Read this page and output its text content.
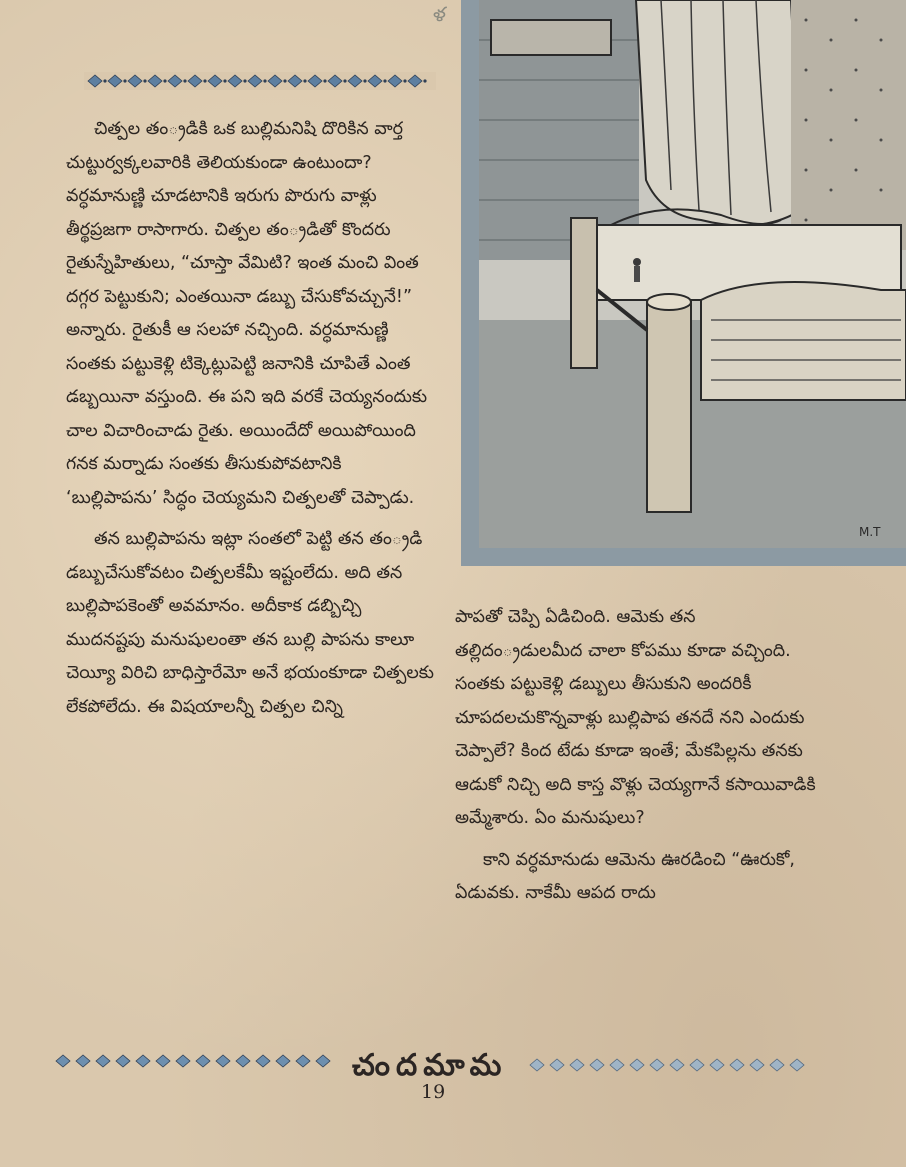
ళ
M.T

చిత్పల తం్రడికి ఒక బుల్లిమనిషి దొరికిన వార్త చుట్టుర్వక్కలవారికి తెలియకుండా ఉంటుందా? వర్ధమానుణ్ణి చూడటానికి ఇరుగు పొరుగు వాళ్లు తీర్థప్రజగా రాసాగారు. చిత్పల తం్రడితో కొందరు రైతుస్నేహితులు, “చూస్తా వేమిటి? ఇంత మంచి వింత దగ్గర పెట్టుకుని; ఎంతయినా డబ్బు చేసుకోవచ్చునే!” అన్నారు. రైతుకీ ఆ సలహా నచ్చింది. వర్ధమానుణ్ణి సంతకు పట్టుకెళ్లి టిక్కెట్లుపెట్టి జనానికి చూపితే ఎంత డబ్బయినా వస్తుంది. ఈ పని ఇది వరకే చెయ్యనందుకు చాల విచారించాడు రైతు. అయిందేదో అయిపోయింది గనక మర్నాడు సంతకు తీసుకుపోవటానికి ‘బుల్లిపాపను’ సిద్ధం చెయ్యమని చిత్పలతో చెప్పాడు.

తన బుల్లిపాపను ఇట్లా సంతలో పెట్టి తన తం్రడి డబ్బుచేసుకోవటం చిత్పలకేమీ ఇష్టంలేదు. అది తన బుల్లిపాపకెంతో అవమానం. అదీకాక డబ్బిచ్చి ముదనష్టపు మనుషులంతా తన బుల్లి పాపను కాలూ చెయ్యీ విరిచి బాధిస్తారేమో అనే భయంకూడా చిత్పలకు లేకపోలేదు. ఈ విషయాలన్నీ చిత్పల చిన్ని

పాపతో చెప్పి ఏడిచింది. ఆమెకు తన తల్లిదం్రడులమీద చాలా కోపము కూడా వచ్చింది. సంతకు పట్టుకెళ్లి డబ్బులు తీసుకుని అందరికీ చూపదలచుకొన్నవాళ్లు బుల్లిపాప తనదే నని ఎందుకు చెప్పాలే? కింద టేడు కూడా ఇంతే; మేకపిల్లను తనకు ఆడుకో నిచ్చి అది కాస్త వొళ్లు చెయ్యగానే కసాయివాడికి అమ్మేశారు. ఏం మనుషులు?

కాని వర్ధమానుడు ఆమెను ఊరడించి “ఊరుకో, ఏడువకు. నాకేమీ ఆపద రాదు

చందమామ
19
